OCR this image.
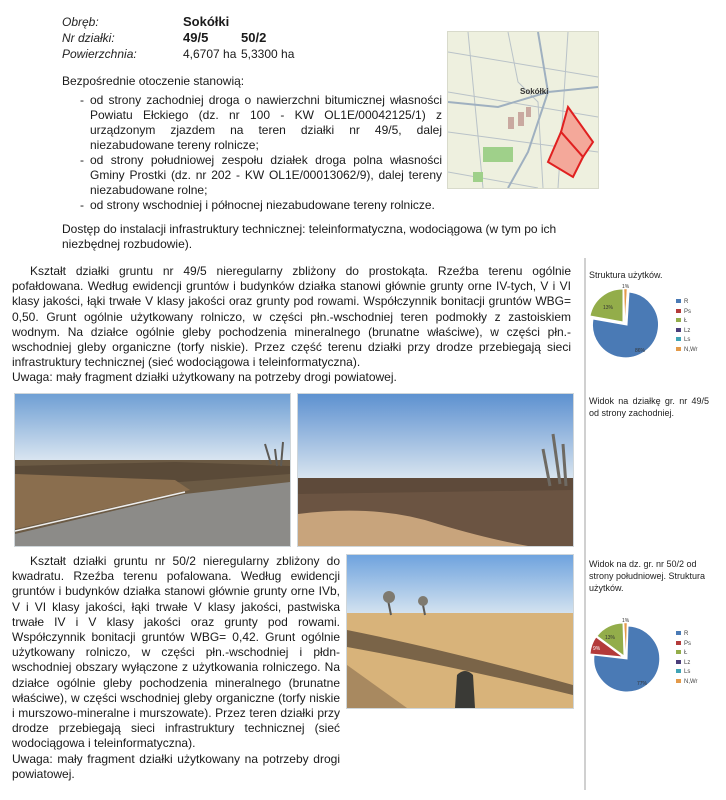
Obręb:	Sokółki
Nr działki:	49/5	50/2
Powierzchnia:	4,6707 ha 5,3300 ha
Bezpośrednie otoczenie stanowią:
- od strony zachodniej droga o nawierzchni bitumicznej własności Powiatu Ełckiego (dz. nr 100 - KW OL1E/00042125/1) z urządzonym zjazdem na teren działki nr 49/5, dalej niezabudowane tereny rolnicze;
- od strony południowej zespołu działek droga polna własności Gminy Prostki (dz. nr 202 - KW OL1E/00013062/9), dalej tereny niezabudowane rolne;
- od strony wschodniej i północnej niezabudowane tereny rolnicze.
Dostęp do instalacji infrastruktury technicznej: teleinformatyczna, wodociągowa (w tym po ich niezbędnej rozbudowie).
Sokółki
Kształt działki gruntu nr 49/5 nieregularny zbliżony do prostokąta. Rzeźba terenu ogólnie pofałdowana. Według ewidencji gruntów i budynków działka stanowi głównie grunty orne IV-tych, V i VI klasy jakości, łąki trwałe V klasy jakości oraz grunty pod rowami. Współczynnik bonitacji gruntów WBG= 0,50. Grunt ogólnie użytkowany rolniczo, w części płn.-wschodniej teren podmokły z zastoiskiem wodnym. Na działce ogólnie gleby pochodzenia mineralnego (brunatne właściwe), w części płn.-wschodniej gleby organiczne (torfy niskie). Przez część terenu działki przy drodze przebiegają sieci infrastruktury technicznej (sieć wodociągowa i teleinformatyczna).
Uwaga: mały fragment działki użytkowany na potrzeby drogi powiatowej.
Struktura użytków.
1%
13%
86%
R
Ps
Ł
Lz
Ls
N,Wr
Widok na działkę gr. nr 49/5 od strony zachodniej.
Kształt działki gruntu nr 50/2 nieregularny zbliżony do kwadratu. Rzeźba terenu pofalowana. Według ewidencji gruntów i budynków działka stanowi głównie grunty orne IVb, V i VI klasy jakości, łąki trwałe V klasy jakości, pastwiska trwałe IV i V klasy jakości oraz grunty pod rowami. Współczynnik bonitacji gruntów WBG= 0,42. Grunt ogólnie użytkowany rolniczo, w części płn.-wschodniej i płdn-wschodniej obszary wyłączone z użytkowania rolniczego. Na działce ogólnie gleby pochodzenia mineralnego (brunatne właściwe), w części wschodniej gleby organiczne (torfy niskie i murszowo-mineralne i murszowate). Przez teren działki przy drodze przebiegają sieci infrastruktury technicznej (sieć wodociągowa i teleinformatyczna).
Uwaga: mały fragment działki użytkowany na potrzeby drogi powiatowej.
Widok na dz. gr. nr 50/2 od strony południowej. Struktura użytków.
1%
9%
13%
77%
R
Ps
Ł
Lz
Ls
N,Wr
